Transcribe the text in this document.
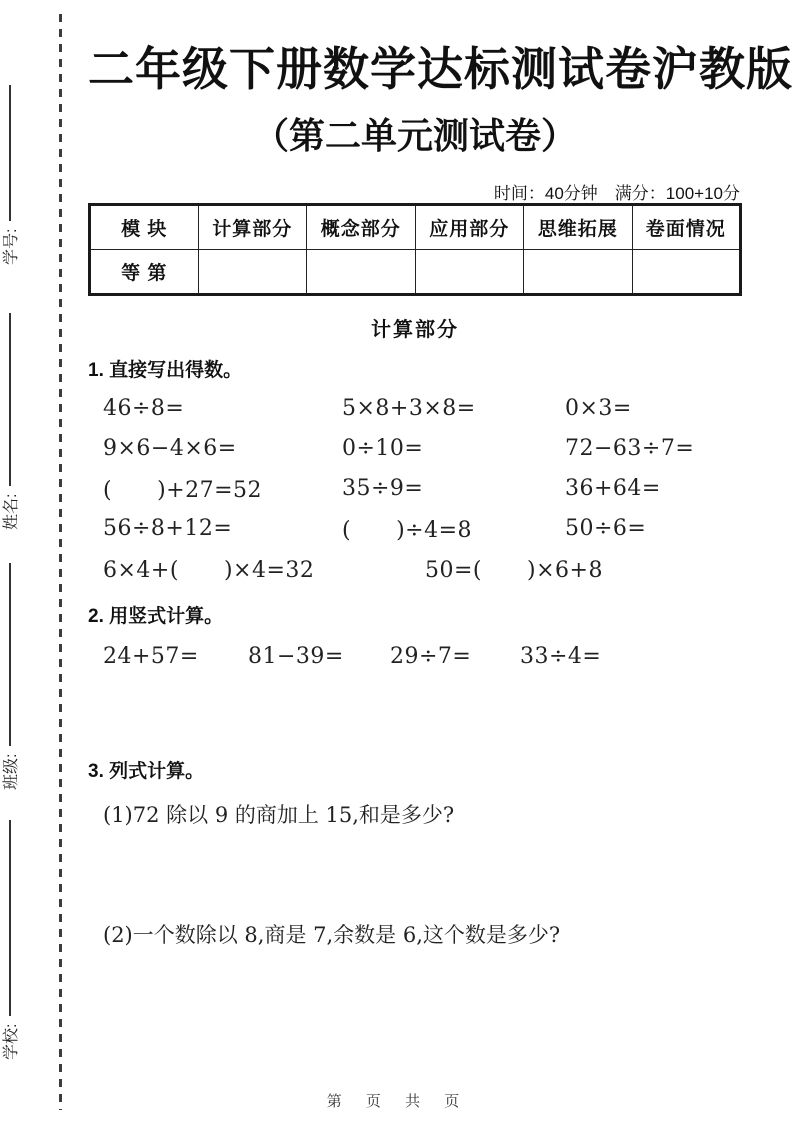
学号:
姓名:
班级:
学校:
二年级下册数学达标测试卷沪教版
（第二单元测试卷）
时间：40分钟　满分：100+10分
模 块	计算部分	概念部分	应用部分	思维拓展	卷面情况
等 第					
计算部分
1. 直接写出得数。
46÷8=	5×8+3×8=	0×3=
9×6−4×6=	0÷10=	72−63÷7=
(　　)+27=52	35÷9=	36+64=
56÷8+12=	(　　)÷4=8	50÷6=
6×4+(　　)×4=32	50=(　　)×6+8
2. 用竖式计算。
24+57=	81−39=	29÷7=	33÷4=
3. 列式计算。
(1)72 除以 9 的商加上 15,和是多少?
(2)一个数除以 8,商是 7,余数是 6,这个数是多少?
第 页 共 页
